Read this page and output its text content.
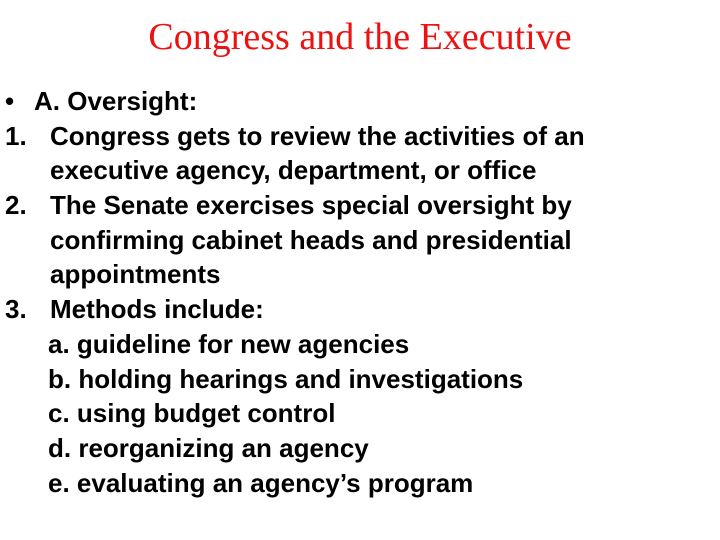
Congress and the Executive
• A. Oversight:
1. Congress gets to review the activities of an
executive agency, department, or office
2. The Senate exercises special oversight by
confirming cabinet heads and presidential
appointments
3. Methods include:
a. guideline for new agencies
b. holding hearings and investigations
c. using budget control
d. reorganizing an agency
e. evaluating an agency’s program
